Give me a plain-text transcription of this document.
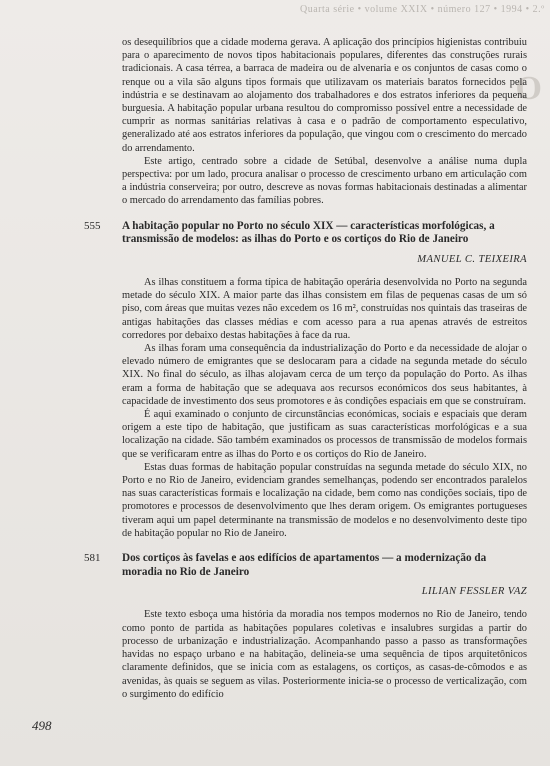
Quarta série • volume XXIX • número 127 • 1994 • 2.º
O

os desequilíbrios que a cidade moderna gerava. A aplicação dos princípios higienistas contribuiu para o aparecimento de novos tipos habitacionais populares, diferentes das construções rurais tradicionais. A casa térrea, a barraca de madeira ou de alvenaria e os conjuntos de casas como o renque ou a vila são alguns tipos formais que utilizavam os materiais baratos fornecidos pela indústria e se destinavam ao alojamento dos trabalhadores e dos estratos inferiores da pequena burguesia. A habitação popular urbana resultou do compromisso possível entre a necessidade de cumprir as normas sanitárias relativas à casa e o padrão de comportamento especulativo, generalizado até aos estratos inferiores da população, que vingou com o crescimento do mercado do arrendamento.

Este artigo, centrado sobre a cidade de Setúbal, desenvolve a análise numa dupla perspectiva: por um lado, procura analisar o processo de crescimento urbano em articulação com a indústria conserveira; por outro, descreve as novas formas habitacionais destinadas a alimentar o mercado do arrendamento das famílias pobres.

555 A habitação popular no Porto no século XIX — características morfológicas, a transmissão de modelos: as ilhas do Porto e os cortiços do Rio de Janeiro
MANUEL C. TEIXEIRA

As ilhas constituem a forma típica de habitação operária desenvolvida no Porto na segunda metade do século XIX. A maior parte das ilhas consistem em filas de pequenas casas de um só piso, com áreas que muitas vezes não excedem os 16 m², construídas nos quintais das traseiras de antigas habitações das classes médias e com acesso para a rua apenas através de estreitos corredores por debaixo destas habitações à face da rua.

As ilhas foram uma consequência da industrialização do Porto e da necessidade de alojar o elevado número de emigrantes que se deslocaram para a cidade na segunda metade do século XIX. No final do século, as ilhas alojavam cerca de um terço da população do Porto. As ilhas eram a forma de habitação que se adequava aos recursos económicos dos seus habitantes, à capacidade de investimento dos seus promotores e às condições espaciais em que se construíram.

É aqui examinado o conjunto de circunstâncias económicas, sociais e espaciais que deram origem a este tipo de habitação, que justificam as suas características morfológicas e a sua localização na cidade. São também examinados os processos de transmissão de modelos formais que se verificaram entre as ilhas do Porto e os cortiços do Rio de Janeiro.

Estas duas formas de habitação popular construídas na segunda metade do século XIX, no Porto e no Rio de Janeiro, evidenciam grandes semelhanças, podendo ser encontrados paralelos nas suas características formais e localização na cidade, bem como nas condições sociais, tipo de promotores e processos de desenvolvimento que lhes deram origem. Os emigrantes portugueses tiveram aqui um papel determinante na transmissão de modelos e no desenvolvimento deste tipo de habitação popular no Rio de Janeiro.

581 Dos cortiços às favelas e aos edifícios de apartamentos — a modernização da moradia no Rio de Janeiro
LILIAN FESSLER VAZ

Este texto esboça uma história da moradia nos tempos modernos no Rio de Janeiro, tendo como ponto de partida as habitações populares coletivas e insalubres surgidas a partir do processo de urbanização e industrialização. Acompanhando passo a passo as transformações havidas no espaço urbano e na habitação, delineia-se uma sequência de tipos arquitetônicos claramente definidos, que se inicia com as estalagens, os cortiços, as casas-de-cômodos e as avenidas, às quais se seguem as vilas. Posteriormente inicia-se o processo de verticalização, com o surgimento do edifício

498
